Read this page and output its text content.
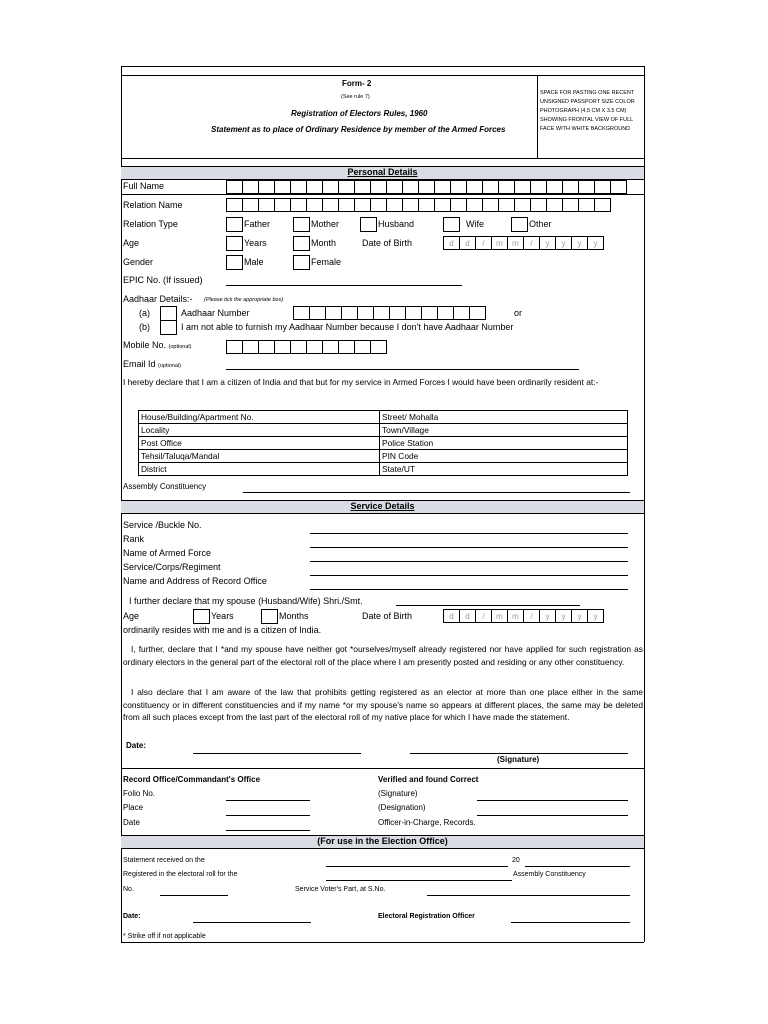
Form- 2
(See rule 7)
Registration of Electors Rules, 1960
Statement as to place of Ordinary Residence by member of the Armed Forces
SPACE FOR PASTING ONE RECENT
UNSIGNED PASSPORT SIZE COLOR
PHOTOGRAPH (4.5 CM X 3.5 CM)
SHOWING FRONTAL VIEW OF FULL
FACE WITH WHITE BACKGROUND
Personal Details
Full Name
Relation Name
Relation Type	Father	Mother	Husband	Wife	Other
Age	Years	Month	Date of Birth	d	d	/	m	m	/	y	y	y	y
Gender	Male	Female
EPIC No. (If issued)
Aadhaar Details:- (Please tick the appropriate box)
(a)	Aadhaar Number	or
(b)	I am not able to furnish my Aadhaar Number because I don't have Aadhaar Number
Mobile No. (optional)
Email Id (optional)
I hereby declare that I am a citizen of India and that but for my service in Armed Forces I would have been ordinarily resident at:-
House/Building/Apartment No.	Street/ Mohalla
Locality	Town/Village
Post Office	Police Station
Tehsil/Taluqa/Mandal	PIN Code
District	State/UT
Assembly Constituency
Service Details
Service /Buckle No.
Rank
Name of Armed Force
Service/Corps/Regiment
Name and Address of Record Office
I further declare that my spouse (Husband/Wife) Shri./Smt.
Age	Years	Months	Date of Birth	d	d	/	m	m	/	y	y	y	y
ordinarily resides with me and is a citizen of India.
I, further, declare that I *and my spouse have neither got *ourselves/myself already registered nor have applied for such registration as ordinary electors in the general part of the electoral roll of the place where I am presently posted and residing or any other constituency.
I also declare that I am aware of the law that prohibits getting registered as an elector at more than one place either in the same constituency or in different constituencies and if my name *or my spouse's name so appears at different places, the same may be deleted from all such places except from the last part of the electoral roll of my native place for which I have made the statement.
Date:
(Signature)
Record Office/Commandant's Office
Folio No.
Place
Date
Verified and found Correct
(Signature)
(Designation)
Officer-in-Charge, Records.
(For use in the Election Office)
Statement received on the	20
Registered in the electoral roll for the	Assembly Constituency
No.	Service Voter's Part, at S.No.
Date:	Electoral Registration Officer
* Strike off if not applicable
